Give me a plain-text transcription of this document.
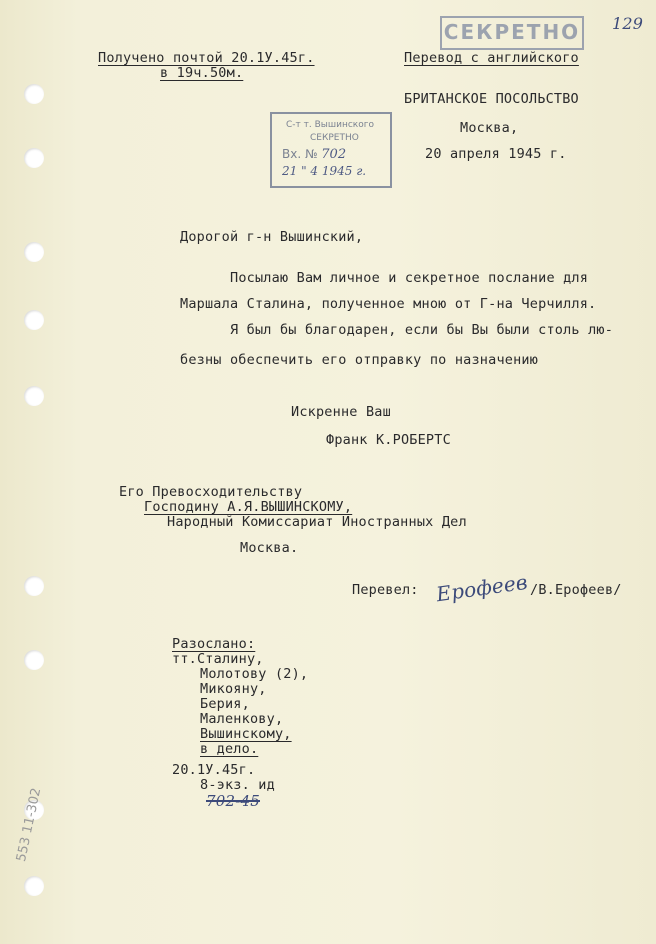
СЕКРЕТНО 129
С-т т. Вышинского
СЕКРЕТНО
Вх. № 702
21 " 4 1945 г.
Получено почтой 20.1У.45г.
в 19ч.50м.
Перевод с английского
БРИТАНСКОЕ ПОСОЛЬСТВО
Москва,
20 апреля 1945 г.
Дорогой г-н Вышинский,
Посылаю Вам личное и секретное послание для
Маршала Сталина, полученное мною от Г-на Черчилля.
Я был бы благодарен, если бы Вы были столь лю-
безны обеспечить его отправку по назначению
Искренне Ваш
Франк К.РОБЕРТС
Его Превосходительству
Господину А.Я.ВЫШИНСКОМУ,
Народный Комиссариат Иностранных Дел
Москва.
Перевел: Ерофеев /В.Ерофеев/
Разослано:
тт.Сталину,
Молотову (2),
Микояну,
Берия,
Маленкову,
Вышинскому,
в дело.
20.1У.45г.
8-экз. ид
702-45
553 11-302
